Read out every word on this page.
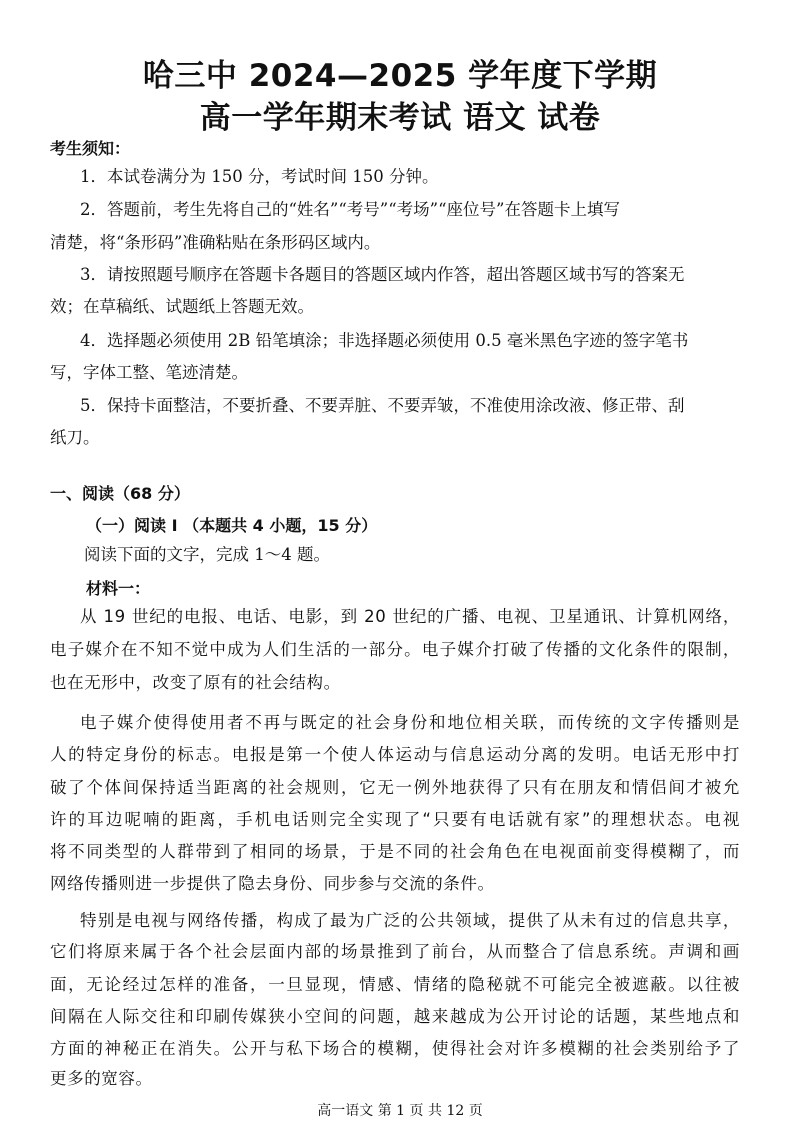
哈三中 2024—2025 学年度下学期
高一学年期末考试 语文 试卷
考生须知：
1．本试卷满分为 150 分，考试时间 150 分钟。
2．答题前，考生先将自己的“姓名”“考号”“考场”“座位号”在答题卡上填写
清楚，将“条形码”准确粘贴在条形码区域内。
3．请按照题号顺序在答题卡各题目的答题区域内作答，超出答题区域书写的答案无
效；在草稿纸、试题纸上答题无效。
4．选择题必须使用 2B 铅笔填涂；非选择题必须使用 0.5 毫米黑色字迹的签字笔书
写，字体工整、笔迹清楚。
5．保持卡面整洁，不要折叠、不要弄脏、不要弄皱，不准使用涂改液、修正带、刮
纸刀。
一、阅读（68 分）
（一）阅读 I （本题共 4 小题，15 分）
阅读下面的文字，完成 1～4 题。
材料一：
从 19 世纪的电报、电话、电影，到 20 世纪的广播、电视、卫星通讯、计算机网络，
电子媒介在不知不觉中成为人们生活的一部分。电子媒介打破了传播的文化条件的限制，
也在无形中，改变了原有的社会结构。
电子媒介使得使用者不再与既定的社会身份和地位相关联，而传统的文字传播则是
人的特定身份的标志。电报是第一个使人体运动与信息运动分离的发明。电话无形中打
破了个体间保持适当距离的社会规则，它无一例外地获得了只有在朋友和情侣间才被允
许的耳边呢喃的距离，手机电话则完全实现了“只要有电话就有家”的理想状态。电视
将不同类型的人群带到了相同的场景，于是不同的社会角色在电视面前变得模糊了，而
网络传播则进一步提供了隐去身份、同步参与交流的条件。
特别是电视与网络传播，构成了最为广泛的公共领域，提供了从未有过的信息共享，
它们将原来属于各个社会层面内部的场景推到了前台，从而整合了信息系统。声调和画
面，无论经过怎样的准备，一旦显现，情感、情绪的隐秘就不可能完全被遮蔽。以往被
间隔在人际交往和印刷传媒狭小空间的问题，越来越成为公开讨论的话题，某些地点和
方面的神秘正在消失。公开与私下场合的模糊，使得社会对许多模糊的社会类别给予了
更多的宽容。
高一语文 第 1 页 共 12 页
